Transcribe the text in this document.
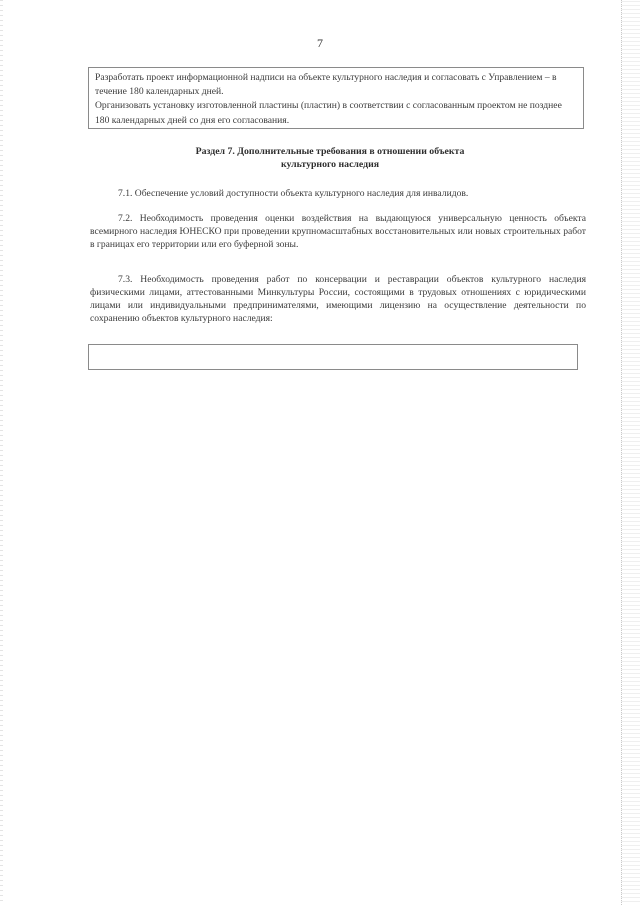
7

Разработать проект информационной надписи на объекте культурного наследия и согласовать с Управлением – в течение 180 календарных дней.

Организовать установку изготовленной пластины (пластин) в соответствии с согласованным проектом не позднее 180 календарных дней со дня его согласования.

Раздел 7. Дополнительные требования в отношении объекта
культурного наследия

7.1. Обеспечение условий доступности объекта культурного наследия для инвалидов.

7.2. Необходимость проведения оценки воздействия на выдающуюся универсальную ценность объекта всемирного наследия ЮНЕСКО при проведении крупномасштабных восстановительных или новых строительных работ в границах его территории или его буферной зоны.

7.3. Необходимость проведения работ по консервации и реставрации объектов культурного наследия физическими лицами, аттестованными Минкультуры России, состоящими в трудовых отношениях с юридическими лицами или индивидуальными предпринимателями, имеющими лицензию на осуществление деятельности по сохранению объектов культурного наследия:
